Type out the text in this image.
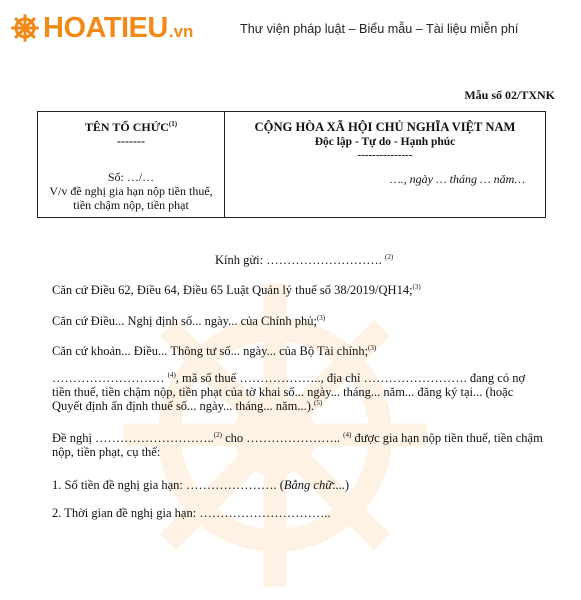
HOATIEU .vn	Thư viện pháp luật – Biểu mẫu – Tài liệu miễn phí
Mẫu số 02/TXNK
TÊN TỔ CHỨC$^{(1)}$
-------
Số: …/…
V/v đề nghị gia hạn nộp tiền thuế, tiền chậm nộp, tiền phạt
CỘNG HÒA XÃ HỘI CHỦ NGHĨA VIỆT NAM
Độc lập - Tự do - Hạnh phúc
---------------
…., ngày … tháng … năm…
Kính gửi: ………………………. $^{(2)}$
Căn cứ Điều 62, Điều 64, Điều 65 Luật Quản lý thuế số 38/2019/QH14;$^{(3)}$
Căn cứ Điều... Nghị định số... ngày... của Chính phủ;$^{(3)}$
Căn cứ khoản... Điều... Thông tư số... ngày... của Bộ Tài chính;$^{(3)}$
……………………… $^{(4)}$, mã số thuế ……………….., địa chỉ ……………………. đang có nợ tiền thuế, tiền chậm nộp, tiền phạt của tờ khai số... ngày... tháng... năm... đăng ký tại... (hoặc Quyết định ấn định thuế số... ngày... tháng... năm...).$^{(5)}$
Đề nghị ………………………..$^{(2)}$ cho ………………….. $^{(4)}$ được gia hạn nộp tiền thuế, tiền chậm nộp, tiền phạt, cụ thể:
1. Số tiền đề nghị gia hạn: …………………. (Bằng chữ:...)
2. Thời gian đề nghị gia hạn: …………………………..
